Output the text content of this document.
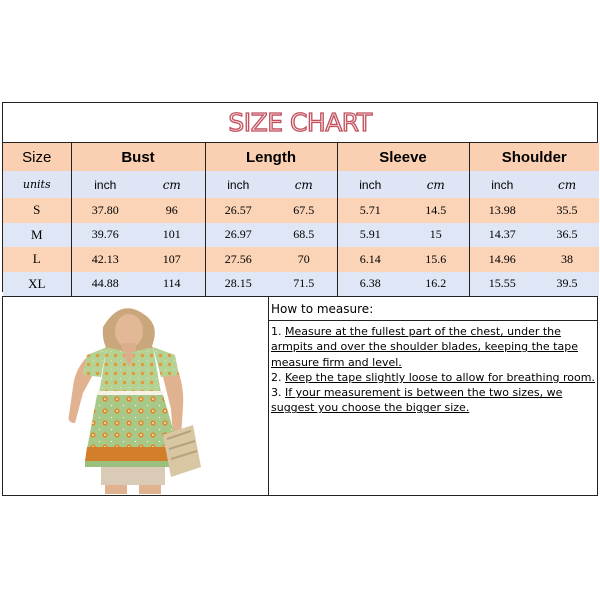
SIZE CHART
Size	Bust		Length		Sleeve		Shoulder	
units	inch	cm	inch	cm	inch	cm	inch	cm
S	37.80	96	26.57	67.5	5.71	14.5	13.98	35.5
M	39.76	101	26.97	68.5	5.91	15	14.37	36.5
L	42.13	107	27.56	70	6.14	15.6	14.96	38
XL	44.88	114	28.15	71.5	6.38	16.2	15.55	39.5
How to measure:

1. Measure at the fullest part of the chest, under the armpits and over the shoulder blades, keeping the tape measure firm and level.

2. Keep the tape slightly loose to allow for breathing room.

3. If your measurement is between the two sizes, we suggest you choose the bigger size.
